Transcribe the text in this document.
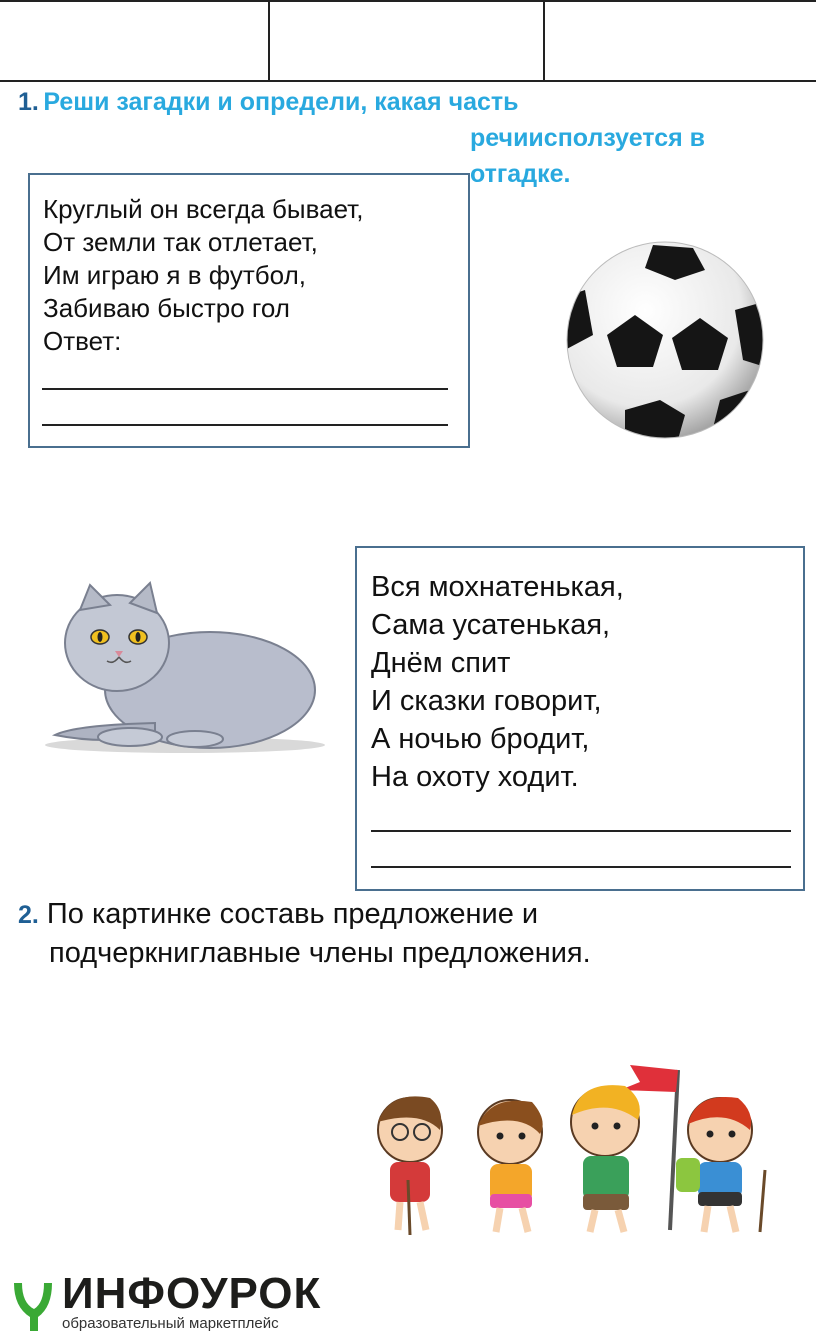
1. Реши загадки и определи, какая часть
речиисползуется в
отгадке.
Круглый он всегда бывает,
От земли так отлетает,
Им играю я в футбол,
Забиваю быстро гол
Ответ:
Вся мохнатенькая,
Сама усатенькая,
Днём спит
И сказки говорит,
А ночью бродит,
На охоту ходит.
2. По картинке составь предложение и
подчеркниглавные члены предложения.
ИНФОУРОК
образовательный маркетплейс
